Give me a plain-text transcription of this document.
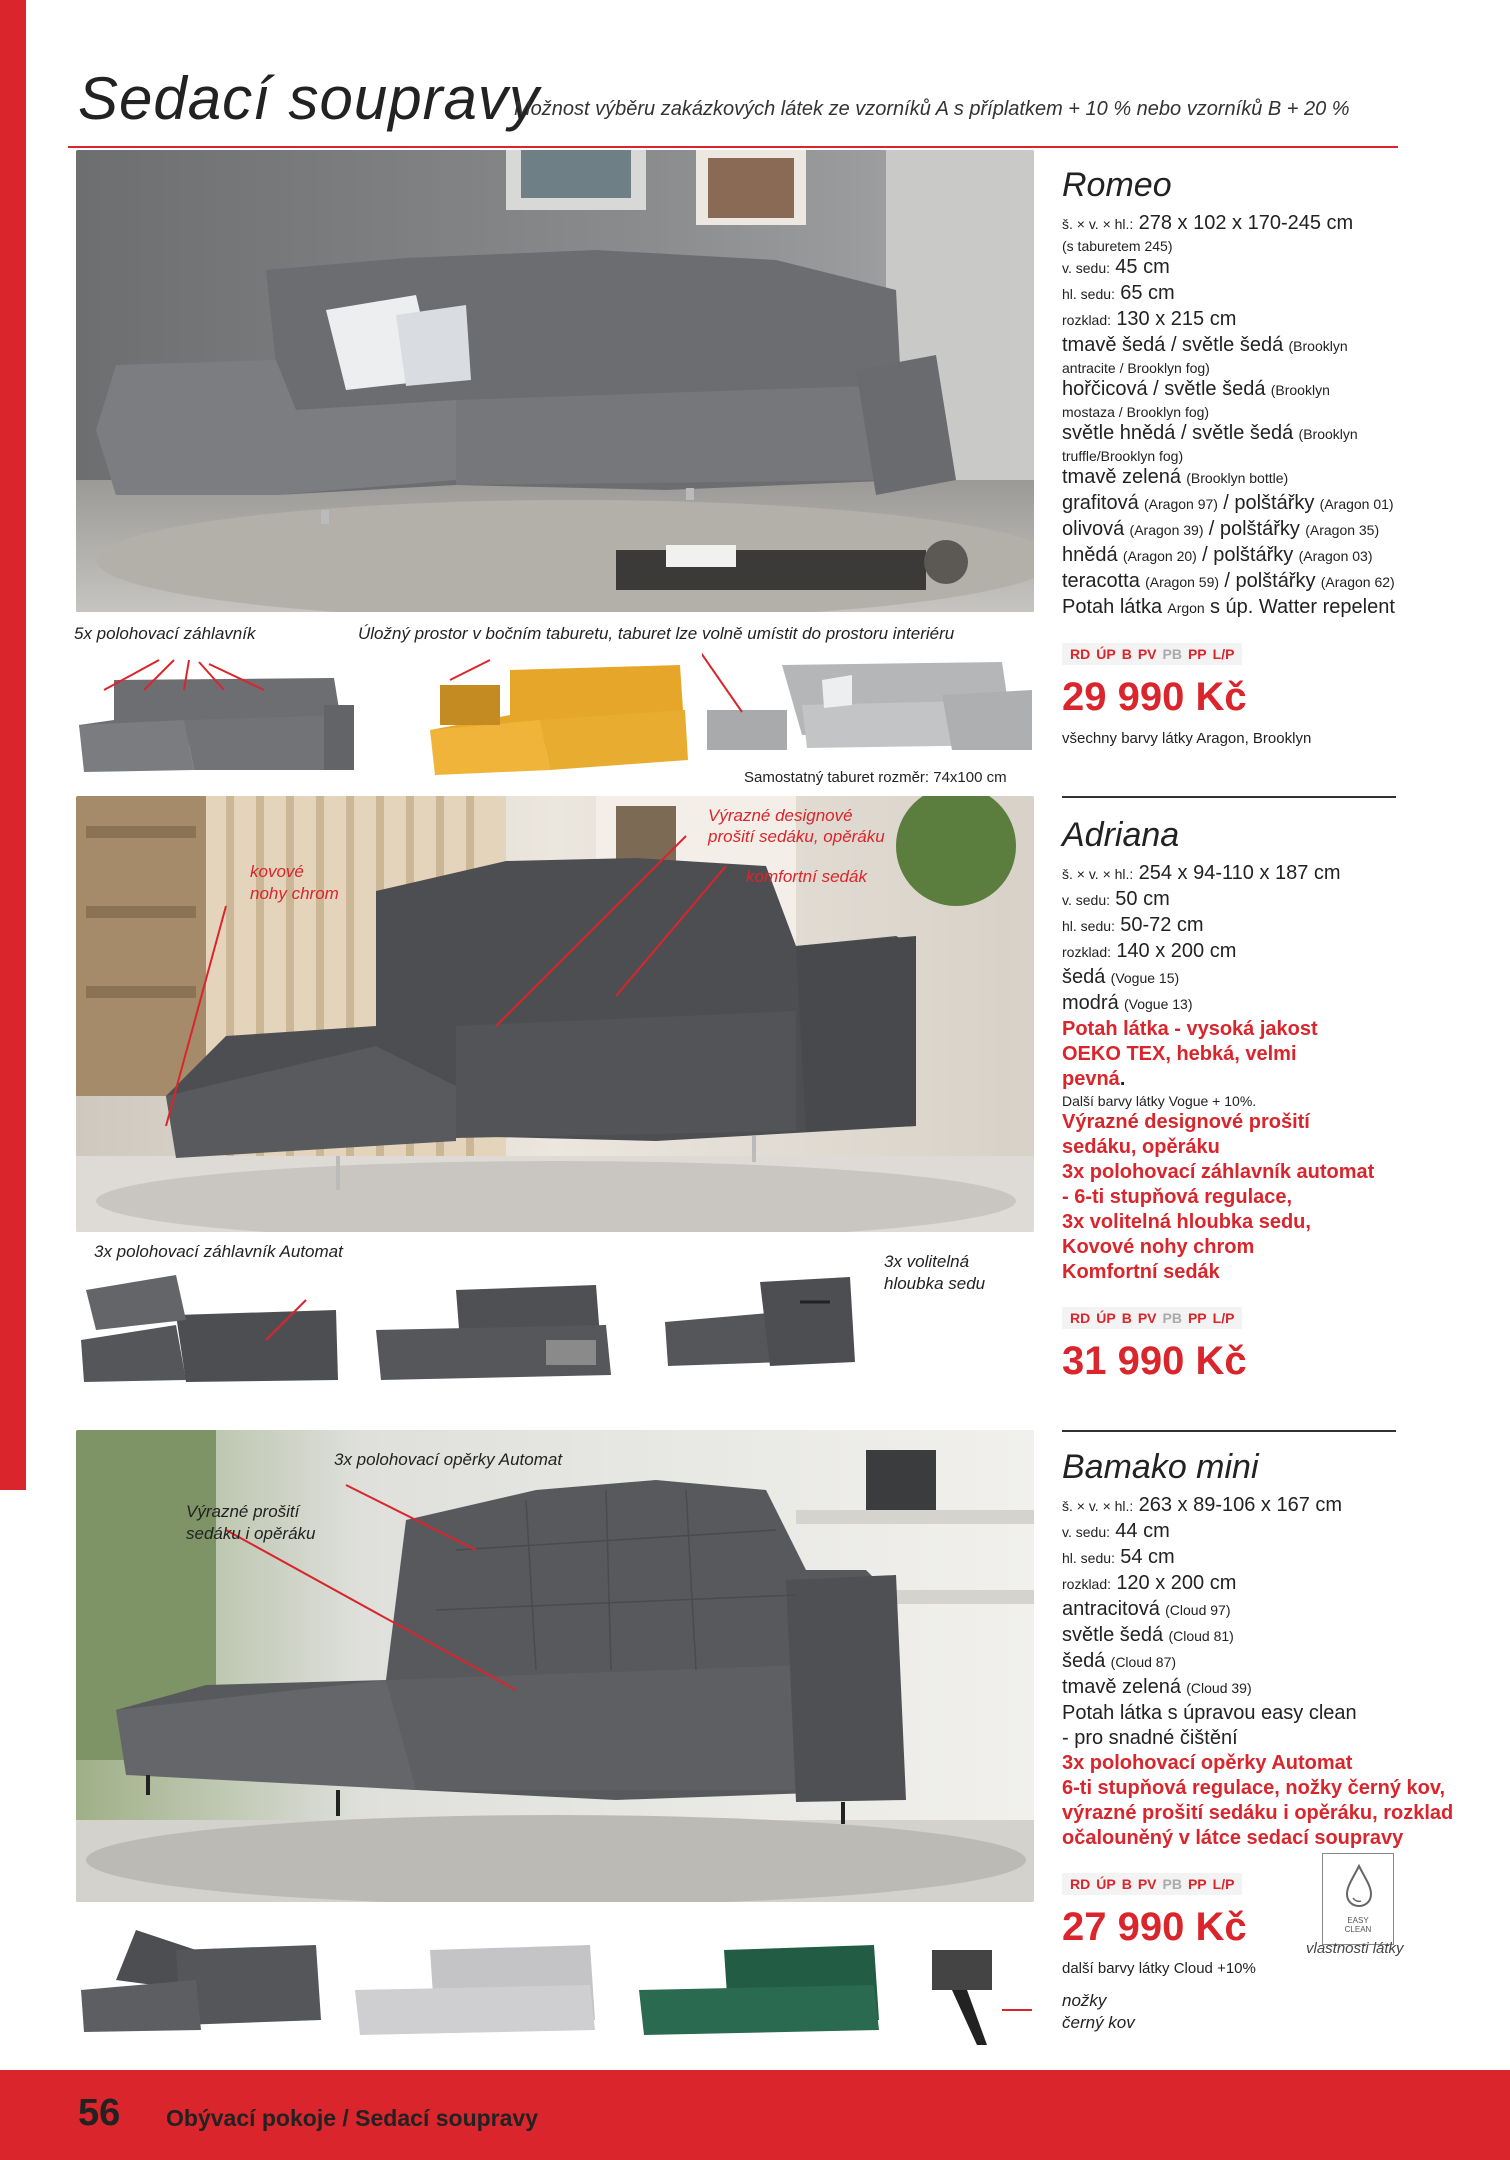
Sedací soupravy
Možnost výběru zakázkových látek ze vzorníků A s příplatkem + 10 % nebo vzorníků B + 20 %
5x polohovací záhlavník	Úložný prostor v bočním taburetu, taburet lze volně umístit do prostoru interiéru
Samostatný taburet rozměr: 74x100 cm
Romeo
š. × v. × hl.: 278 x 102 x 170-245 cm
(s taburetem 245)
v. sedu: 45 cm
hl. sedu: 65 cm
rozklad: 130 x 215 cm
tmavě šedá / světle šedá (Brooklyn
antracite / Brooklyn fog)
hořčicová / světle šedá (Brooklyn
mostaza / Brooklyn fog)
světle hnědá / světle šedá (Brooklyn
truffle/Brooklyn fog)
tmavě zelená (Brooklyn bottle)
grafitová (Aragon 97) / polštářky (Aragon 01)
olivová (Aragon 39) / polštářky (Aragon 35)
hnědá (Aragon 20) / polštářky (Aragon 03)
teracotta (Aragon 59) / polštářky (Aragon 62)
Potah látka Argon s úp. Watter repelent
RD ÚP B PV PB PP L/P
29 990 Kč
všechny barvy látky Aragon, Brooklyn
kovové
nohy chrom
Výrazné designové
prošití sedáku, opěráku
komfortní sedák
3x polohovací záhlavník Automat
3x volitelná
hloubka sedu
Adriana
š. × v. × hl.: 254 x 94-110 x 187 cm
v. sedu: 50 cm
hl. sedu: 50-72 cm
rozklad: 140 x 200 cm
šedá (Vogue 15)
modrá (Vogue 13)
Potah látka - vysoká jakost
OEKO TEX, hebká, velmi
pevná.
Další barvy látky Vogue + 10%.
Výrazné designové prošití
sedáku, opěráku
3x polohovací záhlavník automat
- 6-ti stupňová regulace,
3x volitelná hloubka sedu,
Kovové nohy chrom
Komfortní sedák
RD ÚP B PV PB PP L/P
31 990 Kč
3x polohovací opěrky Automat
Výrazné prošití
sedáku i opěráku
nožky
černý kov
Bamako mini
š. × v. × hl.: 263 x 89-106 x 167 cm
v. sedu: 44 cm
hl. sedu: 54 cm
rozklad: 120 x 200 cm
antracitová (Cloud 97)
světle šedá (Cloud 81)
šedá (Cloud 87)
tmavě zelená (Cloud 39)
Potah látka s úpravou easy clean
- pro snadné čištění
3x polohovací opěrky Automat
6-ti stupňová regulace, nožky černý kov,
výrazné prošití sedáku i opěráku, rozklad
očalouněný v látce sedací soupravy
RD ÚP B PV PB PP L/P
27 990 Kč
další barvy látky Cloud +10%
EASY
CLEAN
vlastnosti látky
56 Obývací pokoje / Sedací soupravy
